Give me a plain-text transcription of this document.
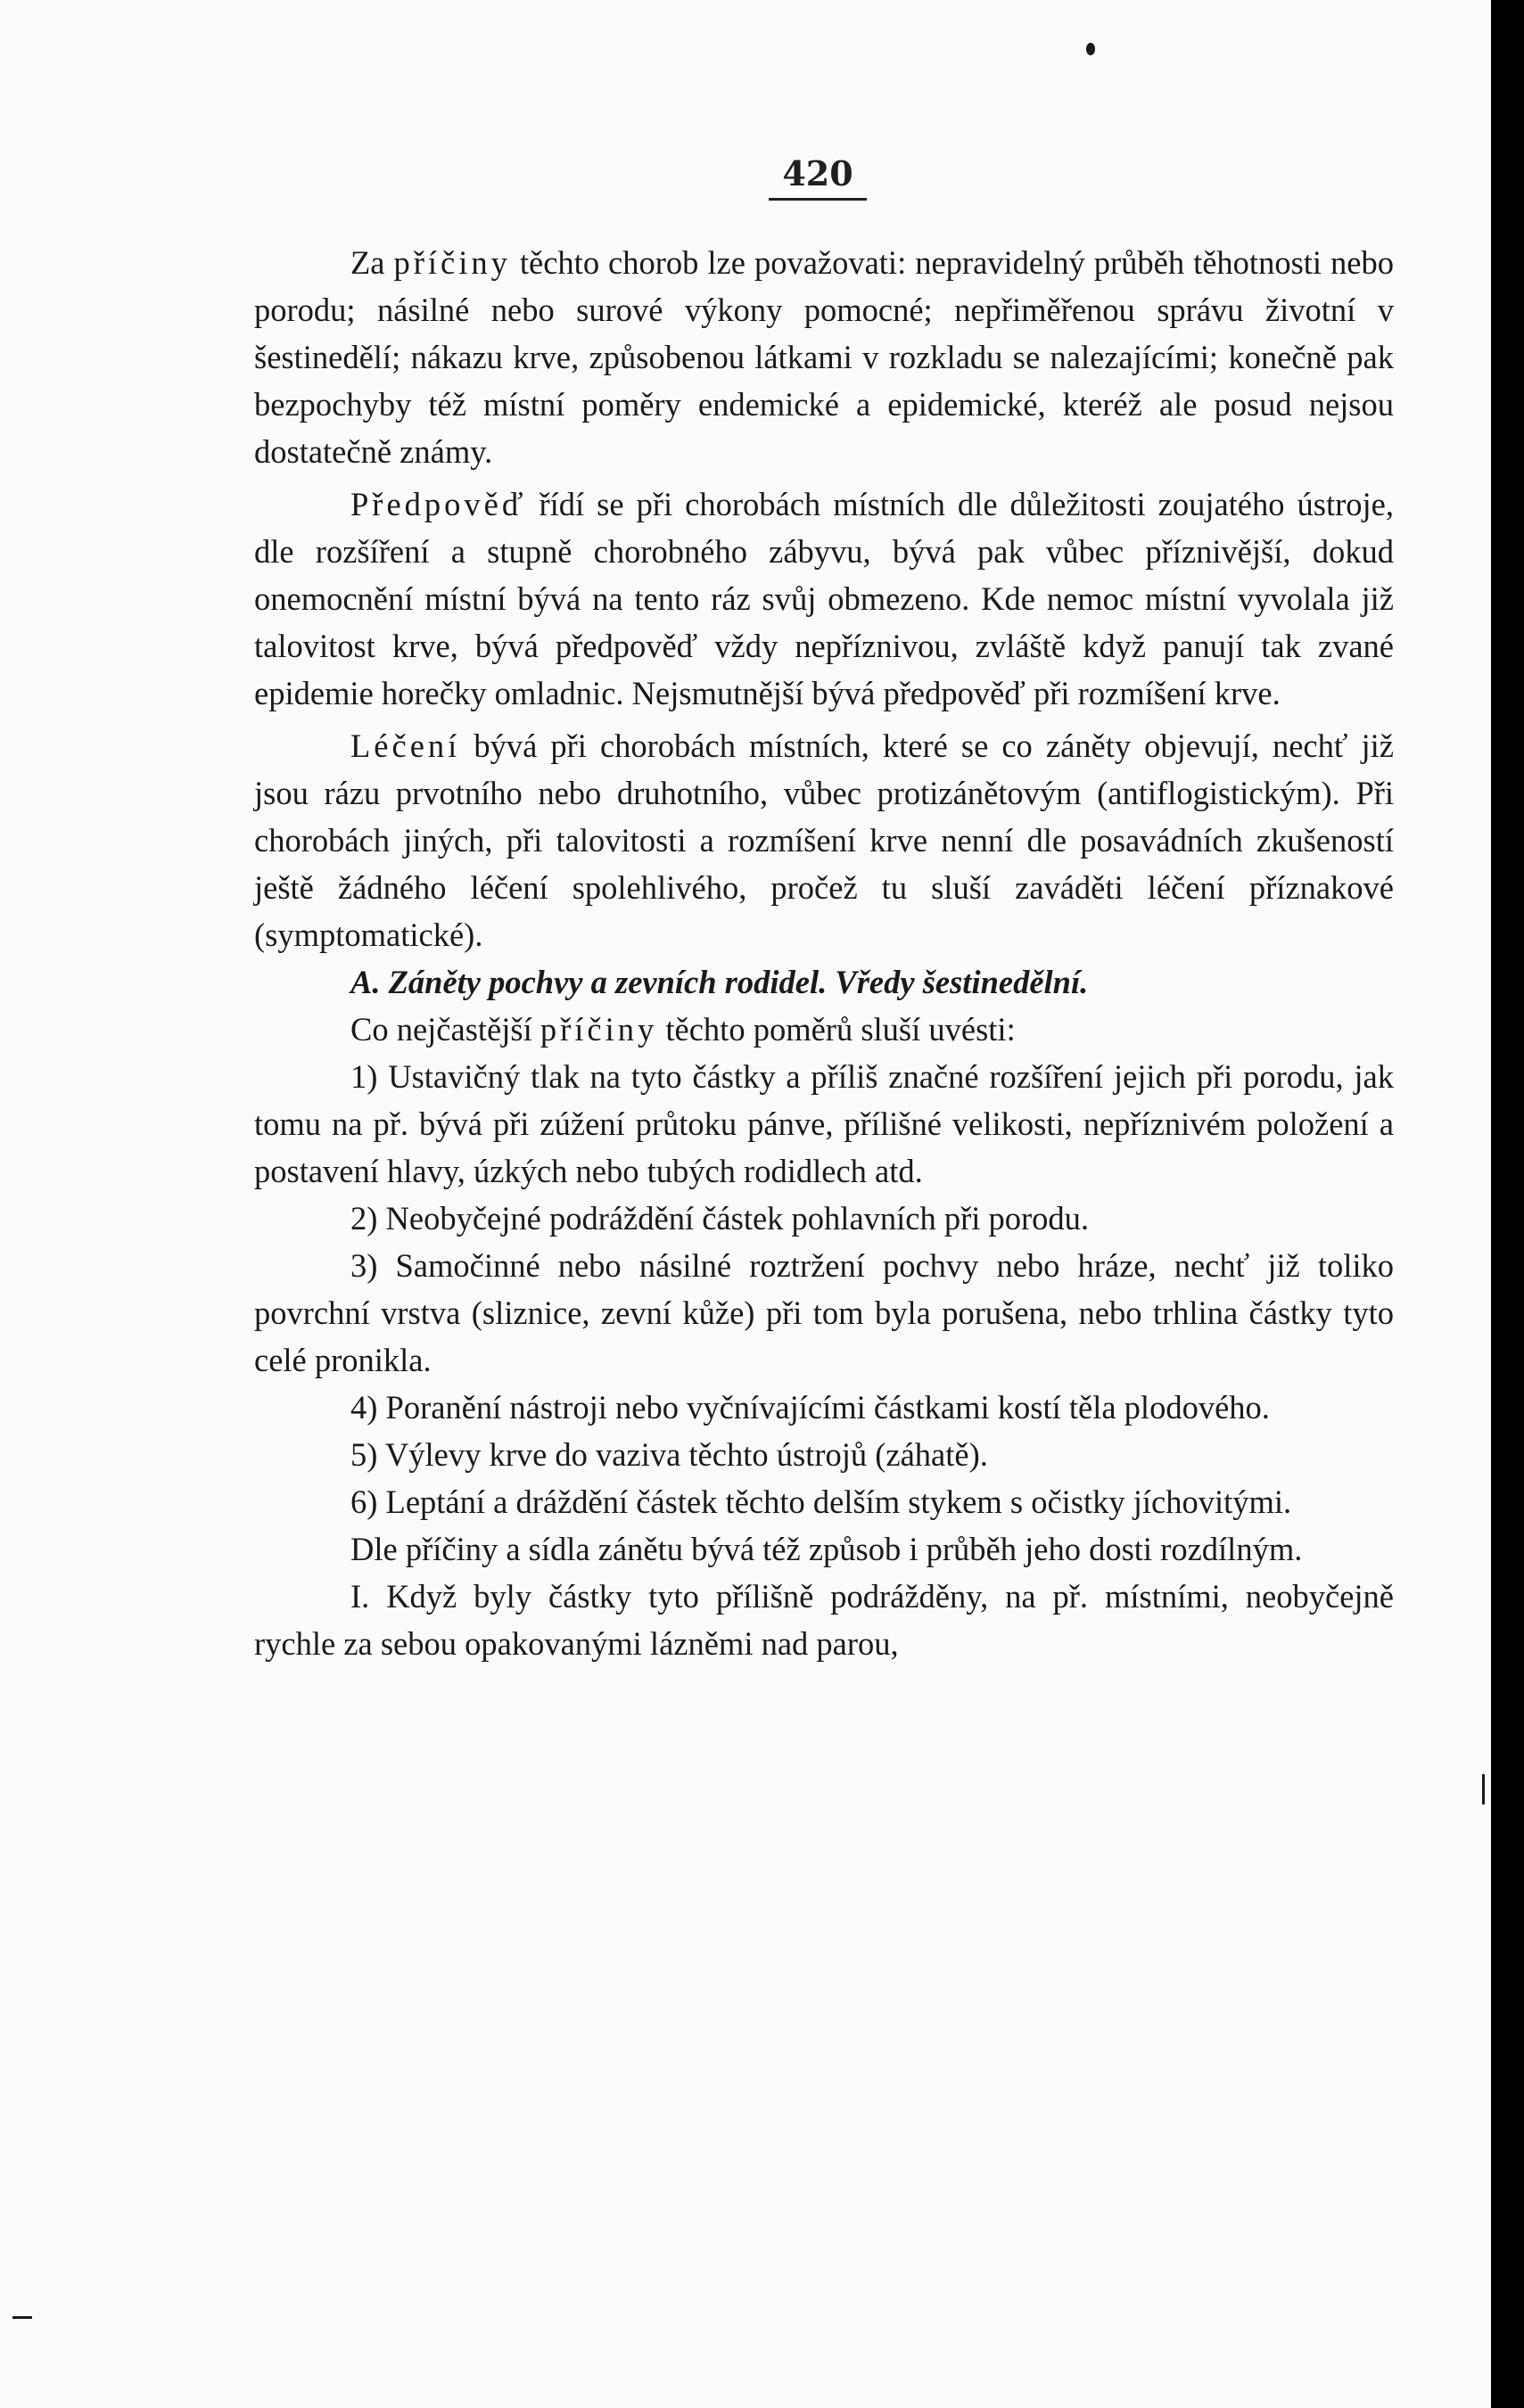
420

Za příčiny těchto chorob lze považovati: nepravidelný průběh těhotnosti nebo porodu; násilné nebo surové výkony pomocné; nepřiměřenou správu životní v šestinedělí; nákazu krve, způsobenou látkami v rozkladu se nalezajícími; konečně pak bezpochyby též místní poměry endemické a epidemické, kteréž ale posud nejsou dostatečně známy.

Předpověď řídí se při chorobách místních dle důležitosti zoujatého ústroje, dle rozšíření a stupně chorobného zábyvu, bývá pak vůbec příznivější, dokud onemocnění místní bývá na tento ráz svůj obmezeno. Kde nemoc místní vyvolala již talovitost krve, bývá předpověď vždy nepříznivou, zvláště když panují tak zvané epidemie horečky omladnic. Nejsmutnější bývá předpověď při rozmíšení krve.

Léčení bývá při chorobách místních, které se co záněty objevují, nechť již jsou rázu prvotního nebo druhotního, vůbec protizánětovým (antiflogistickým). Při chorobách jiných, při talovitosti a rozmíšení krve nenní dle posavádních zkušeností ještě žádného léčení spolehlivého, pročež tu sluší zaváděti léčení příznakové (symptomatické).

A. Záněty pochvy a zevních rodidel. Vředy šestinedělní.

Co nejčastější příčiny těchto poměrů sluší uvésti:

1) Ustavičný tlak na tyto částky a příliš značné rozšíření jejich při porodu, jak tomu na př. bývá při zúžení průtoku pánve, přílišné velikosti, nepříznivém položení a postavení hlavy, úzkých nebo tubých rodidlech atd.

2) Neobyčejné podráždění částek pohlavních při porodu.

3) Samočinné nebo násilné roztržení pochvy nebo hráze, nechť již toliko povrchní vrstva (sliznice, zevní kůže) při tom byla porušena, nebo trhlina částky tyto celé pronikla.

4) Poranění nástroji nebo vyčnívajícími částkami kostí těla plodového.

5) Výlevy krve do vaziva těchto ústrojů (záhatě).

6) Leptání a dráždění částek těchto delším stykem s očistky jíchovitými.

Dle příčiny a sídla zánětu bývá též způsob i průběh jeho dosti rozdílným.

I. Když byly částky tyto přílišně podrážděny, na př. místními, neobyčejně rychle za sebou opakovanými lázněmi nad parou,
